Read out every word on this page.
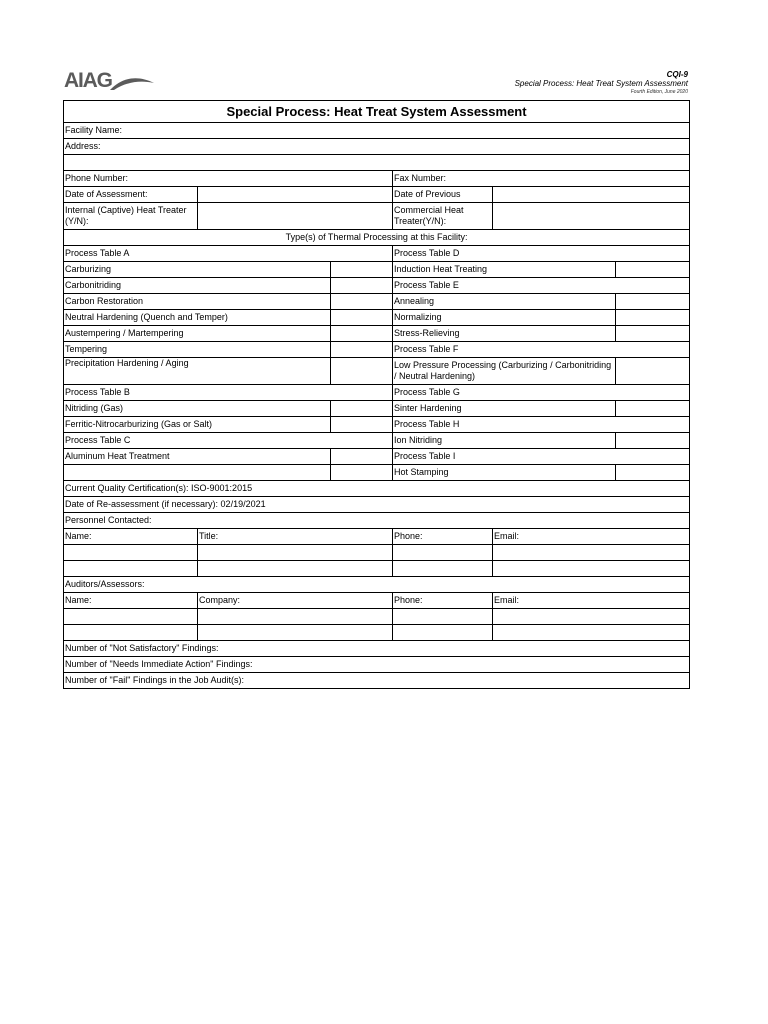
AIAG	CQI-9
Special Process: Heat Treat System Assessment
Fourth Edition, June 2020
Special Process: Heat Treat System Assessment					
Facility Name:					
Address:					

Phone Number:			Fax Number:		
Date of Assessment:			Date of Previous		
Internal (Captive) Heat Treater (Y/N):			Commercial Heat Treater(Y/N):		
Type(s) of Thermal Processing at this Facility:					
Process Table A			Process Table D		
Carburizing			Induction Heat Treating		
Carbonitriding			Process Table E		
Carbon Restoration			Annealing		
Neutral Hardening (Quench and Temper)			Normalizing		
Austempering / Martempering			Stress-Relieving		
Tempering			Process Table F		
Precipitation Hardening / Aging			Low Pressure Processing (Carburizing / Carbonitriding / Neutral Hardening)		
Process Table B			Process Table G		
Nitriding (Gas)			Sinter Hardening		
Ferritic-Nitrocarburizing (Gas or Salt)			Process Table H		
Process Table C			Ion Nitriding		
Aluminum Heat Treatment			Process Table I		
			Hot Stamping		
Current Quality Certification(s): ISO-9001:2015					
Date of Re-assessment (if necessary): 02/19/2021					
Personnel Contacted:					
Name:	Title:		Phone:	Email:	

Auditors/Assessors:					
Name:	Company:		Phone:	Email:	

Number of "Not Satisfactory" Findings:					
Number of "Needs Immediate Action" Findings:					
Number of "Fail" Findings in the Job Audit(s):					
